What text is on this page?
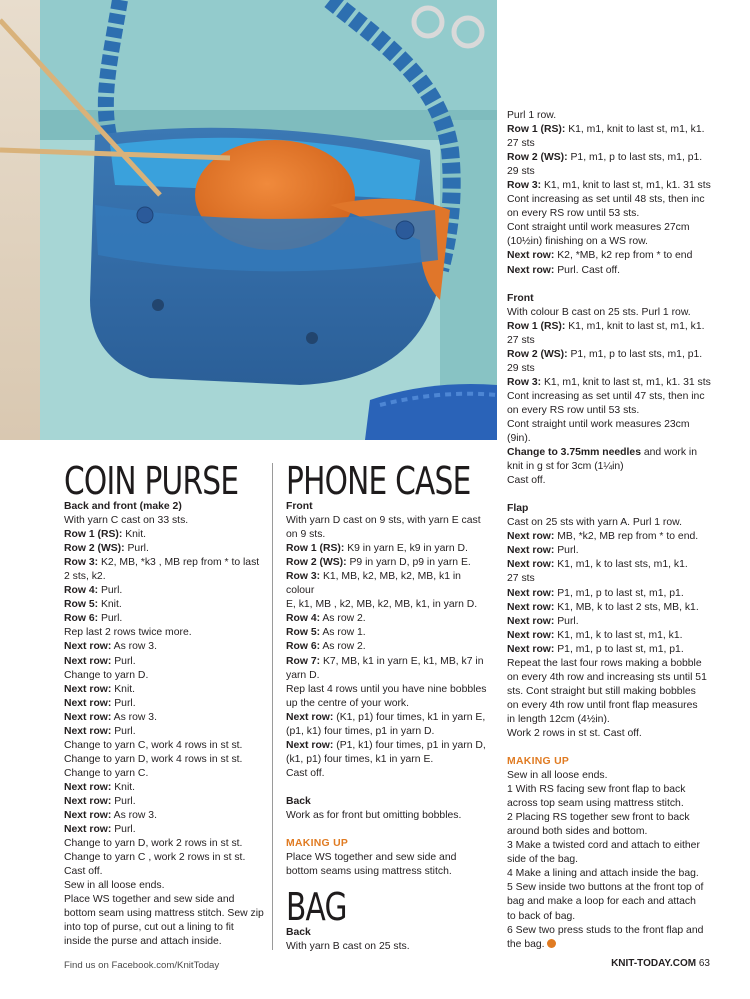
COIN PURSE

Back and front (make 2)

With yarn C cast on 33 sts.

Row 1 (RS): Knit.

Row 2 (WS): Purl.

Row 3: K2, MB, *k3 , MB rep from * to last

2 sts, k2.

Row 4: Purl.

Row 5: Knit.

Row 6: Purl.

Rep last 2 rows twice more.

Next row: As row 3.

Next row: Purl.

Change to yarn D.

Next row: Knit.

Next row: Purl.

Next row: As row 3.

Next row: Purl.

Change to yarn C, work 4 rows in st st.

Change to yarn D, work 4 rows in st st.

Change to yarn C.

Next row: Knit.

Next row: Purl.

Next row: As row 3.

Next row: Purl.

Change to yarn D, work 2 rows in st st.

Change to yarn C , work 2 rows in st st.

Cast off.

Sew in all loose ends.

Place WS together and sew side and

bottom seam using mattress stitch. Sew zip

into top of purse, cut out a lining to fit

inside the purse and attach inside.

PHONE CASE

Front

With yarn D cast on 9 sts, with yarn E cast

on 9 sts.

Row 1 (RS): K9 in yarn E, k9 in yarn D.

Row 2 (WS): P9 in yarn D, p9 in yarn E.

Row 3: K1, MB, k2, MB, k2, MB, k1 in colour

E, k1, MB , k2, MB, k2, MB, k1, in yarn D.

Row 4: As row 2.

Row 5: As row 1.

Row 6: As row 2.

Row 7: K7, MB, k1 in yarn E, k1, MB, k7 in

yarn D.

Rep last 4 rows until you have nine bobbles

up the centre of your work.

Next row: (K1, p1) four times, k1 in yarn E,

(p1, k1) four times, p1 in yarn D.

Next row: (P1, k1) four times, p1 in yarn D,

(k1, p1) four times, k1 in yarn E.

Cast off.

Back

Work as for front but omitting bobbles.

MAKING UP

Place WS together and sew side and

bottom seams using mattress stitch.

BAG

Back

With yarn B cast on 25 sts.

Purl 1 row.

Row 1 (RS): K1, m1, knit to last st, m1, k1.

27 sts

Row 2 (WS): P1, m1, p to last sts, m1, p1.

29 sts

Row 3: K1, m1, knit to last st, m1, k1. 31 sts

Cont increasing as set until 48 sts, then inc

on every RS row until 53 sts.

Cont straight until work measures 27cm

(10½in) finishing on a WS row.

Next row: K2, *MB, k2 rep from * to end

Next row: Purl. Cast off.

Front

With colour B cast on 25 sts. Purl 1 row.

Row 1 (RS): K1, m1, knit to last st, m1, k1.

27 sts

Row 2 (WS): P1, m1, p to last sts, m1, p1.

29 sts

Row 3: K1, m1, knit to last st, m1, k1. 31 sts

Cont increasing as set until 47 sts, then inc

on every RS row until 53 sts.

Cont straight until work measures 23cm

(9in).

Change to 3.75mm needles and work in

knit in g st for 3cm (1¼in)

Cast off.

Flap

Cast on 25 sts with yarn A. Purl 1 row.

Next row: MB, *k2, MB rep from * to end.

Next row: Purl.

Next row: K1, m1, k to last sts, m1, k1.

27 sts

Next row: P1, m1, p to last st, m1, p1.

Next row: K1, MB, k to last 2 sts, MB, k1.

Next row: Purl.

Next row: K1, m1, k to last st, m1, k1.

Next row: P1, m1, p to last st, m1, p1.

Repeat the last four rows making a bobble

on every 4th row and increasing sts until 51

sts. Cont straight but still making bobbles

on every 4th row until front flap measures

in length 12cm (4½in).

Work 2 rows in st st. Cast off.

MAKING UP

Sew in all loose ends.

1 With RS facing sew front flap to back

across top seam using mattress stitch.

2 Placing RS together sew front to back

around both sides and bottom.

3 Make a twisted cord and attach to either

side of the bag.

4 Make a lining and attach inside the bag.

5 Sew inside two buttons at the front top of

bag and make a loop for each and attach

to back of bag.

6 Sew two press studs to the front flap and

the bag.

Find us on Facebook.com/KnitToday	KNIT-TODAY.COM 63
